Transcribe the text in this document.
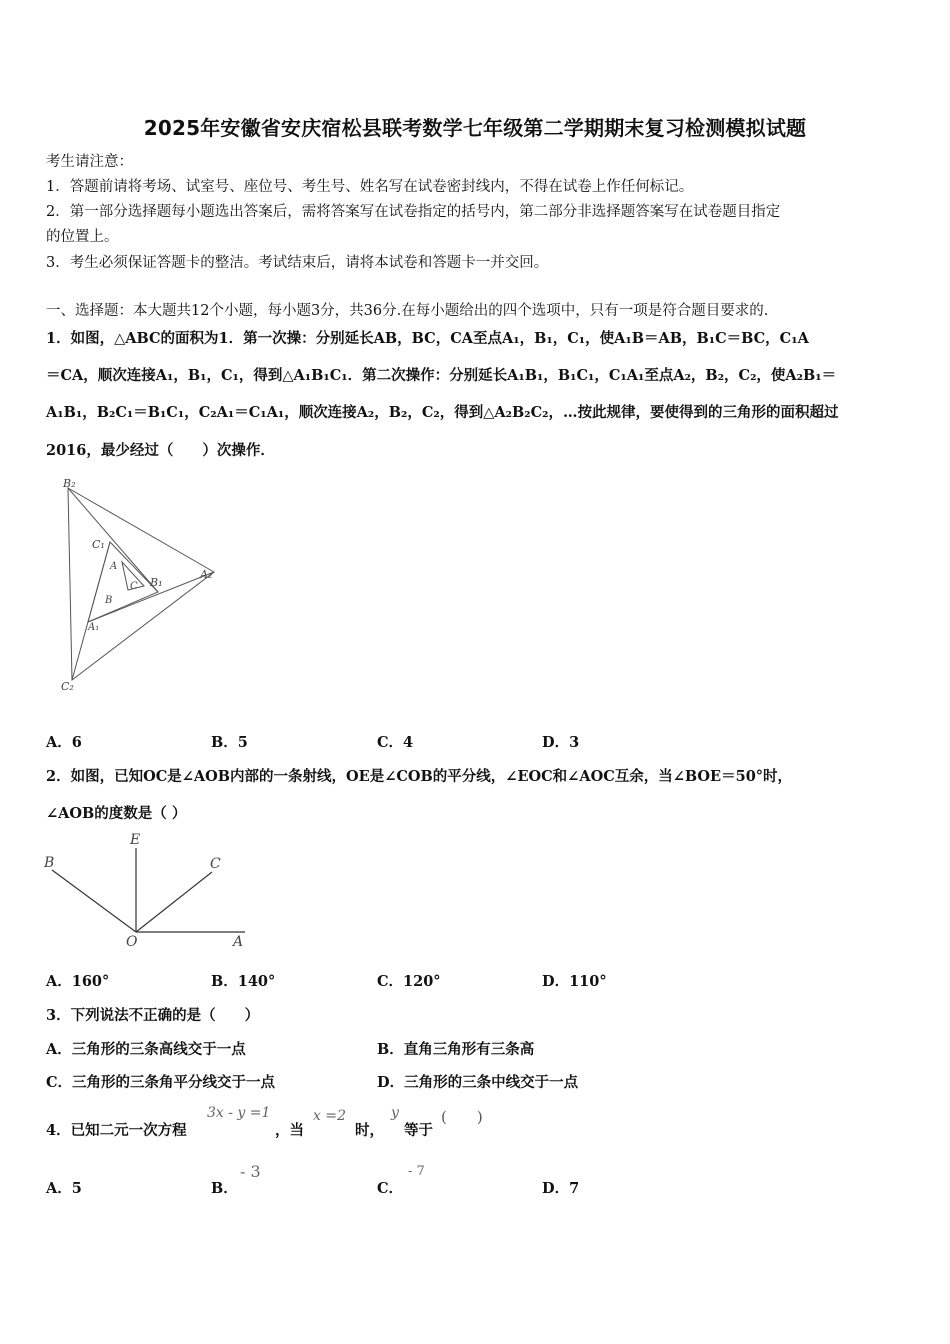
2025年安徽省安庆宿松县联考数学七年级第二学期期末复习检测模拟试题
考生请注意：
1．答题前请将考场、试室号、座位号、考生号、姓名写在试卷密封线内，不得在试卷上作任何标记。
2．第一部分选择题每小题选出答案后，需将答案写在试卷指定的括号内，第二部分非选择题答案写在试卷题目指定
的位置上。
3．考生必须保证答题卡的整洁。考试结束后，请将本试卷和答题卡一并交回。
一、选择题：本大题共12个小题，每小题3分，共36分.在每小题给出的四个选项中，只有一项是符合题目要求的.
1．如图，△ABC的面积为1．第一次操：分别延长AB，BC，CA至点A₁，B₁，C₁，使A₁B＝AB，B₁C＝BC，C₁A
＝CA，顺次连接A₁，B₁，C₁，得到△A₁B₁C₁．第二次操作：分别延长A₁B₁，B₁C₁，C₁A₁至点A₂，B₂，C₂，使A₂B₁＝
A₁B₁，B₂C₁＝B₁C₁，C₂A₁＝C₁A₁，顺次连接A₂，B₂，C₂，得到△A₂B₂C₂，…按此规律，要使得到的三角形的面积超过
2016，最少经过（　　）次操作．
B₂
C₁
A
C B₁
A₂
B
A₁
C₂
A．6	B．5	C．4	D．3
2．如图，已知OC是∠AOB内部的一条射线，OE是∠COB的平分线，∠EOC和∠AOC互余，当∠BOE＝50°时，
∠AOB的度数是（ ）
B
E
C
O	A
A．160°	B．140°	C．120°	D．110°
3．下列说法不正确的是（　　）
A．三角形的三条高线交于一点	B．直角三角形有三条高
C．三角形的三条角平分线交于一点	D．三角形的三条中线交于一点
4．已知二元一次方程
3x - y =1
，当
x =2
时，
y
等于
(　　)
A．5	B．
- 3
C．
- 7
D．7
